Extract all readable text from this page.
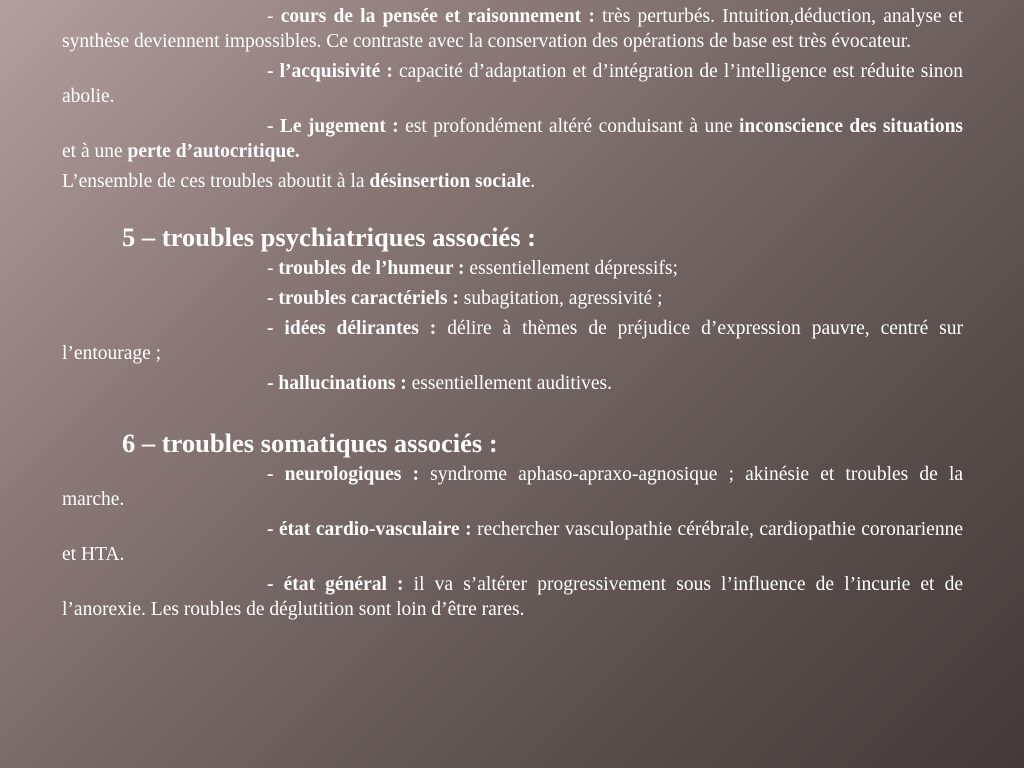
- cours de la pensée et raisonnement : très perturbés. Intuition,déduction, analyse et synthèse deviennent impossibles. Ce contraste avec la conservation des opérations de base est très évocateur.

- l’acquisivité : capacité d’adaptation et d’intégration de l’intelligence est réduite sinon abolie.

- Le jugement : est profondément altéré conduisant à une inconscience des situations et à une perte d’autocritique.

L’ensemble de ces troubles aboutit à la désinsertion sociale.

5 – troubles psychiatriques associés :

- troubles de l’humeur : essentiellement dépressifs;

- troubles caractériels : subagitation, agressivité ;

- idées délirantes : délire à thèmes de préjudice d’expression pauvre, centré sur l’entourage ;

- hallucinations : essentiellement auditives.

6 – troubles somatiques associés :

- neurologiques : syndrome aphaso-apraxo-agnosique ; akinésie et troubles de la marche.

- état cardio-vasculaire : rechercher vasculopathie cérébrale, cardiopathie coronarienne et HTA.

- état général : il va s’altérer progressivement sous l’influence de l’incurie et de l’anorexie. Les roubles de déglutition sont loin d’être rares.
